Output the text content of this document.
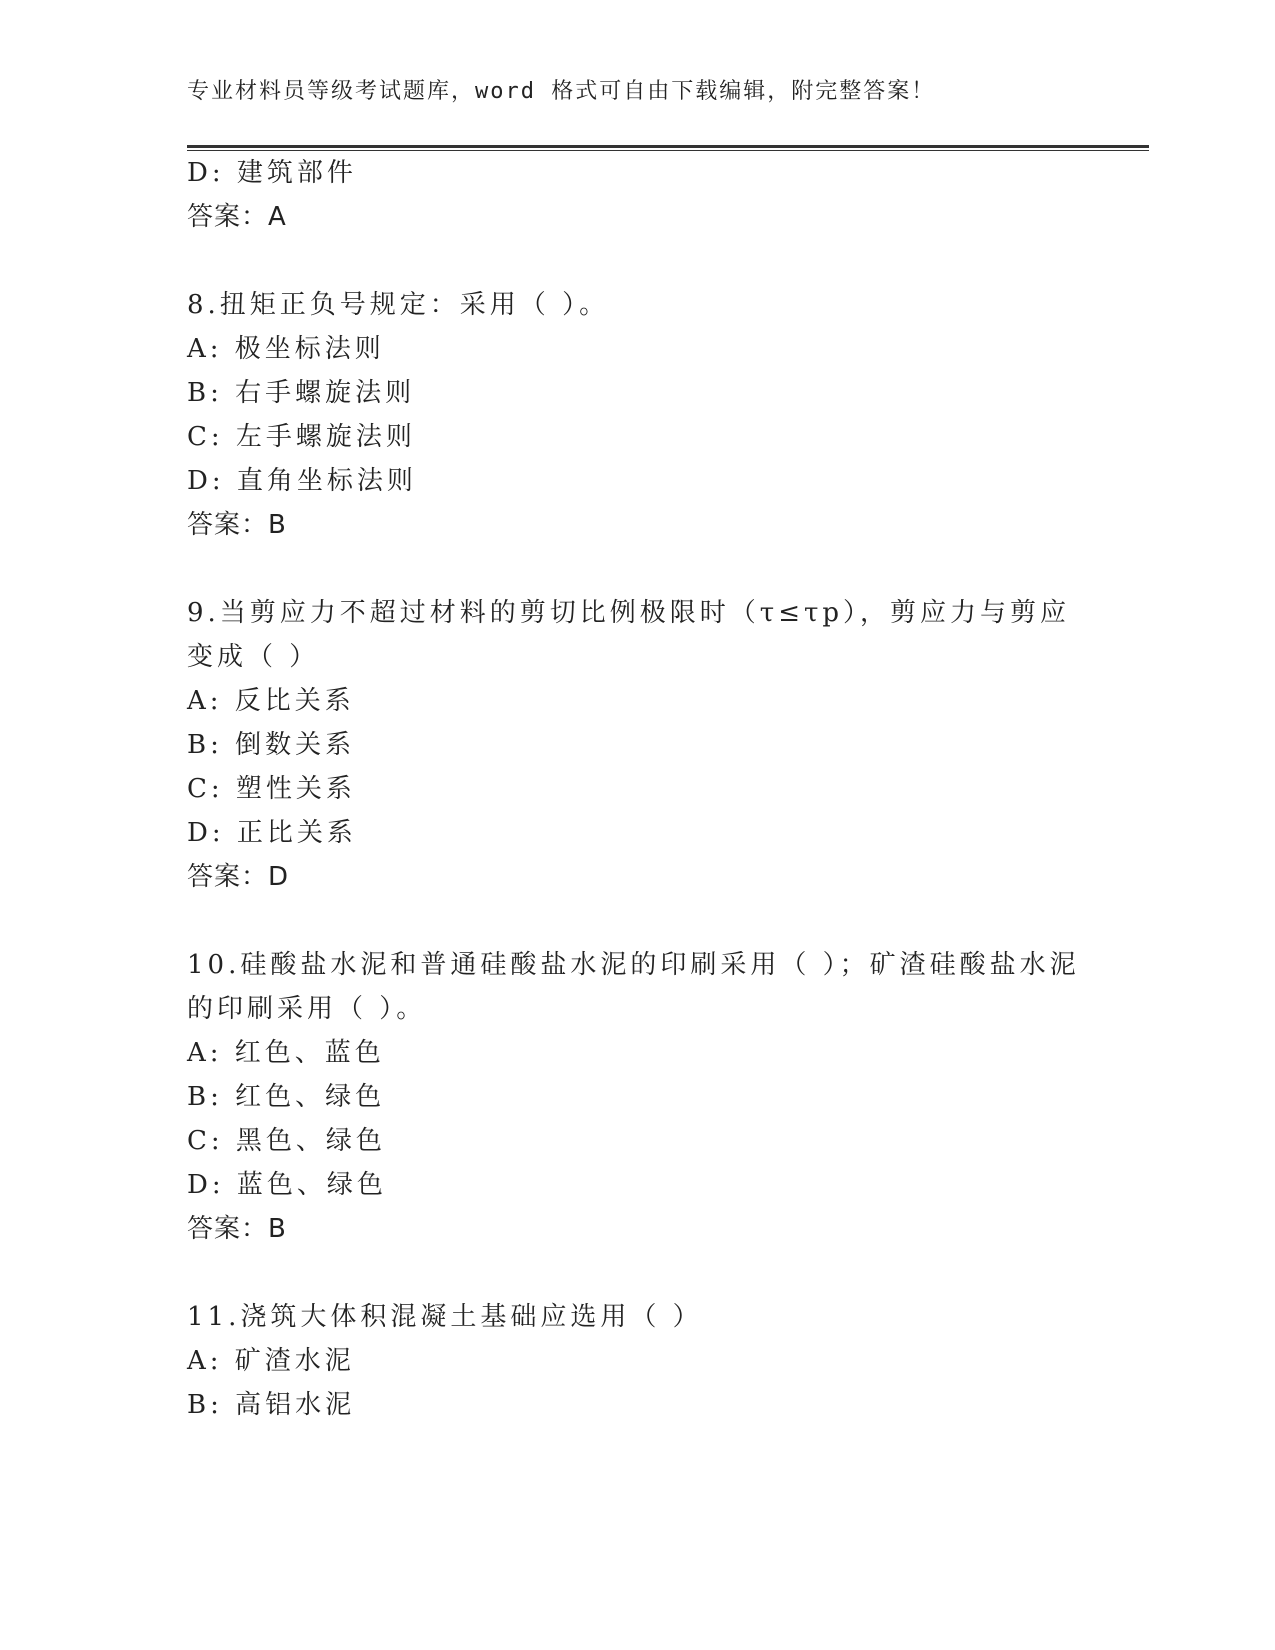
专业材料员等级考试题库，word 格式可自由下载编辑，附完整答案！
D: 建筑部件
答案：A
8.扭矩正负号规定：采用（ ）。
A: 极坐标法则
B: 右手螺旋法则
C: 左手螺旋法则
D: 直角坐标法则
答案：B
9.当剪应力不超过材料的剪切比例极限时（τ≤τp），剪应力与剪应
变成（ ）
A: 反比关系
B: 倒数关系
C: 塑性关系
D: 正比关系
答案：D
10.硅酸盐水泥和普通硅酸盐水泥的印刷采用（ ）；矿渣硅酸盐水泥
的印刷采用（ ）。
A: 红色、蓝色
B: 红色、绿色
C: 黑色、绿色
D: 蓝色、绿色
答案：B
11.浇筑大体积混凝土基础应选用（ ）
A: 矿渣水泥
B: 高铝水泥
